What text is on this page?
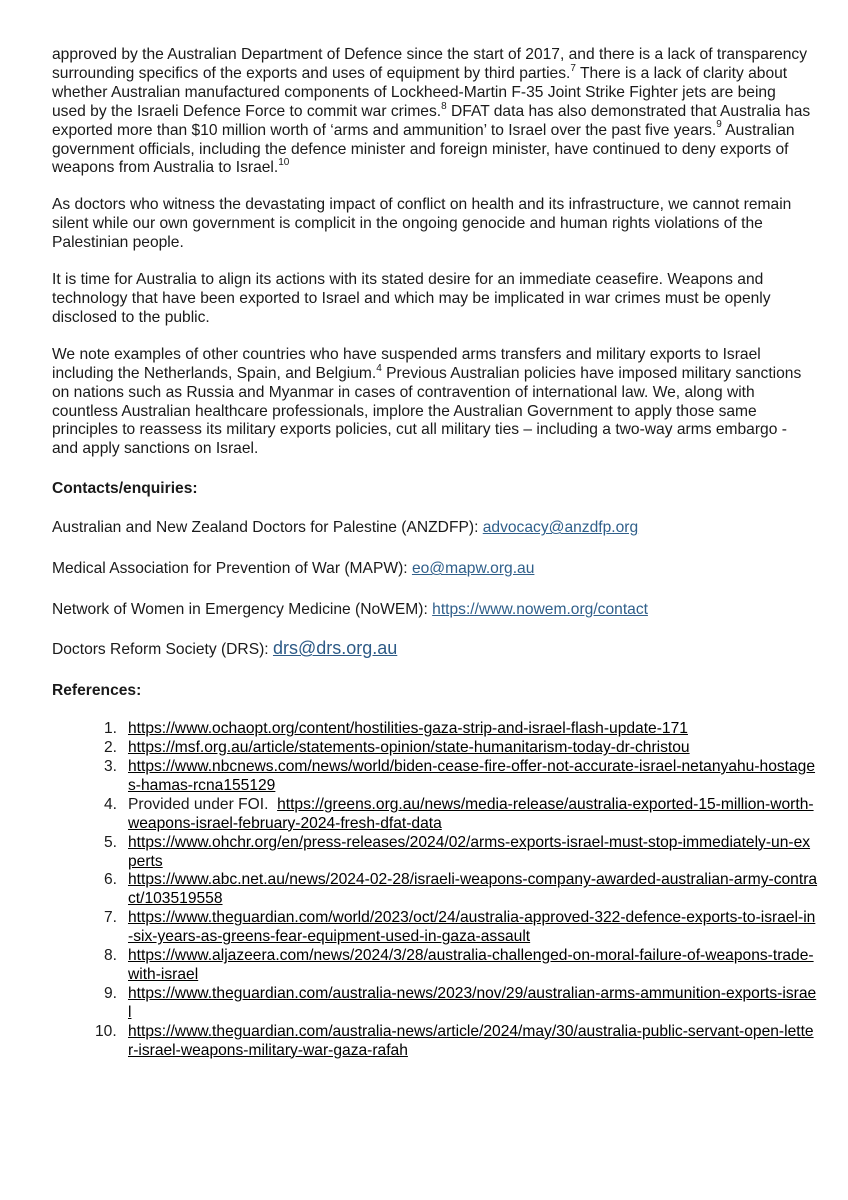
approved by the Australian Department of Defence since the start of 2017, and there is a lack of transparency surrounding specifics of the exports and uses of equipment by third parties.$^7$ There is a lack of clarity about whether Australian manufactured components of Lockheed-Martin F-35 Joint Strike Fighter jets are being used by the Israeli Defence Force to commit war crimes.$^8$ DFAT data has also demonstrated that Australia has exported more than $10 million worth of ‘arms and ammunition’ to Israel over the past five years.$^9$ Australian government officials, including the defence minister and foreign minister, have continued to deny exports of weapons from Australia to Israel.$^{10}$

As doctors who witness the devastating impact of conflict on health and its infrastructure, we cannot remain silent while our own government is complicit in the ongoing genocide and human rights violations of the Palestinian people.

It is time for Australia to align its actions with its stated desire for an immediate ceasefire. Weapons and technology that have been exported to Israel and which may be implicated in war crimes must be openly disclosed to the public.

We note examples of other countries who have suspended arms transfers and military exports to Israel including the Netherlands, Spain, and Belgium.$^4$ Previous Australian policies have imposed military sanctions on nations such as Russia and Myanmar in cases of contravention of international law. We, along with countless Australian healthcare professionals, implore the Australian Government to apply those same principles to reassess its military exports policies, cut all military ties – including a two-way arms embargo - and apply sanctions on Israel.

Contacts/enquiries:

Australian and New Zealand Doctors for Palestine (ANZDFP): advocacy@anzdfp.org

Medical Association for Prevention of War (MAPW): eo@mapw.org.au

Network of Women in Emergency Medicine (NoWEM): https://www.nowem.org/contact

Doctors Reform Society (DRS): drs@drs.org.au

References:
1. https://www.ochaopt.org/content/hostilities-gaza-strip-and-israel-flash-update-171
2. https://msf.org.au/article/statements-opinion/state-humanitarism-today-dr-christou
3. https://www.nbcnews.com/news/world/biden-cease-fire-offer-not-accurate-israel-netanyahu-hostages-hamas-rcna155129
4. Provided under FOI.  https://greens.org.au/news/media-release/australia-exported-15-million-worth-weapons-israel-february-2024-fresh-dfat-data
5. https://www.ohchr.org/en/press-releases/2024/02/arms-exports-israel-must-stop-immediately-un-experts
6. https://www.abc.net.au/news/2024-02-28/israeli-weapons-company-awarded-australian-army-contract/103519558
7. https://www.theguardian.com/world/2023/oct/24/australia-approved-322-defence-exports-to-israel-in-six-years-as-greens-fear-equipment-used-in-gaza-assault
8. https://www.aljazeera.com/news/2024/3/28/australia-challenged-on-moral-failure-of-weapons-trade-with-israel
9. https://www.theguardian.com/australia-news/2023/nov/29/australian-arms-ammunition-exports-israel
10. https://www.theguardian.com/australia-news/article/2024/may/30/australia-public-servant-open-letter-israel-weapons-military-war-gaza-rafah
